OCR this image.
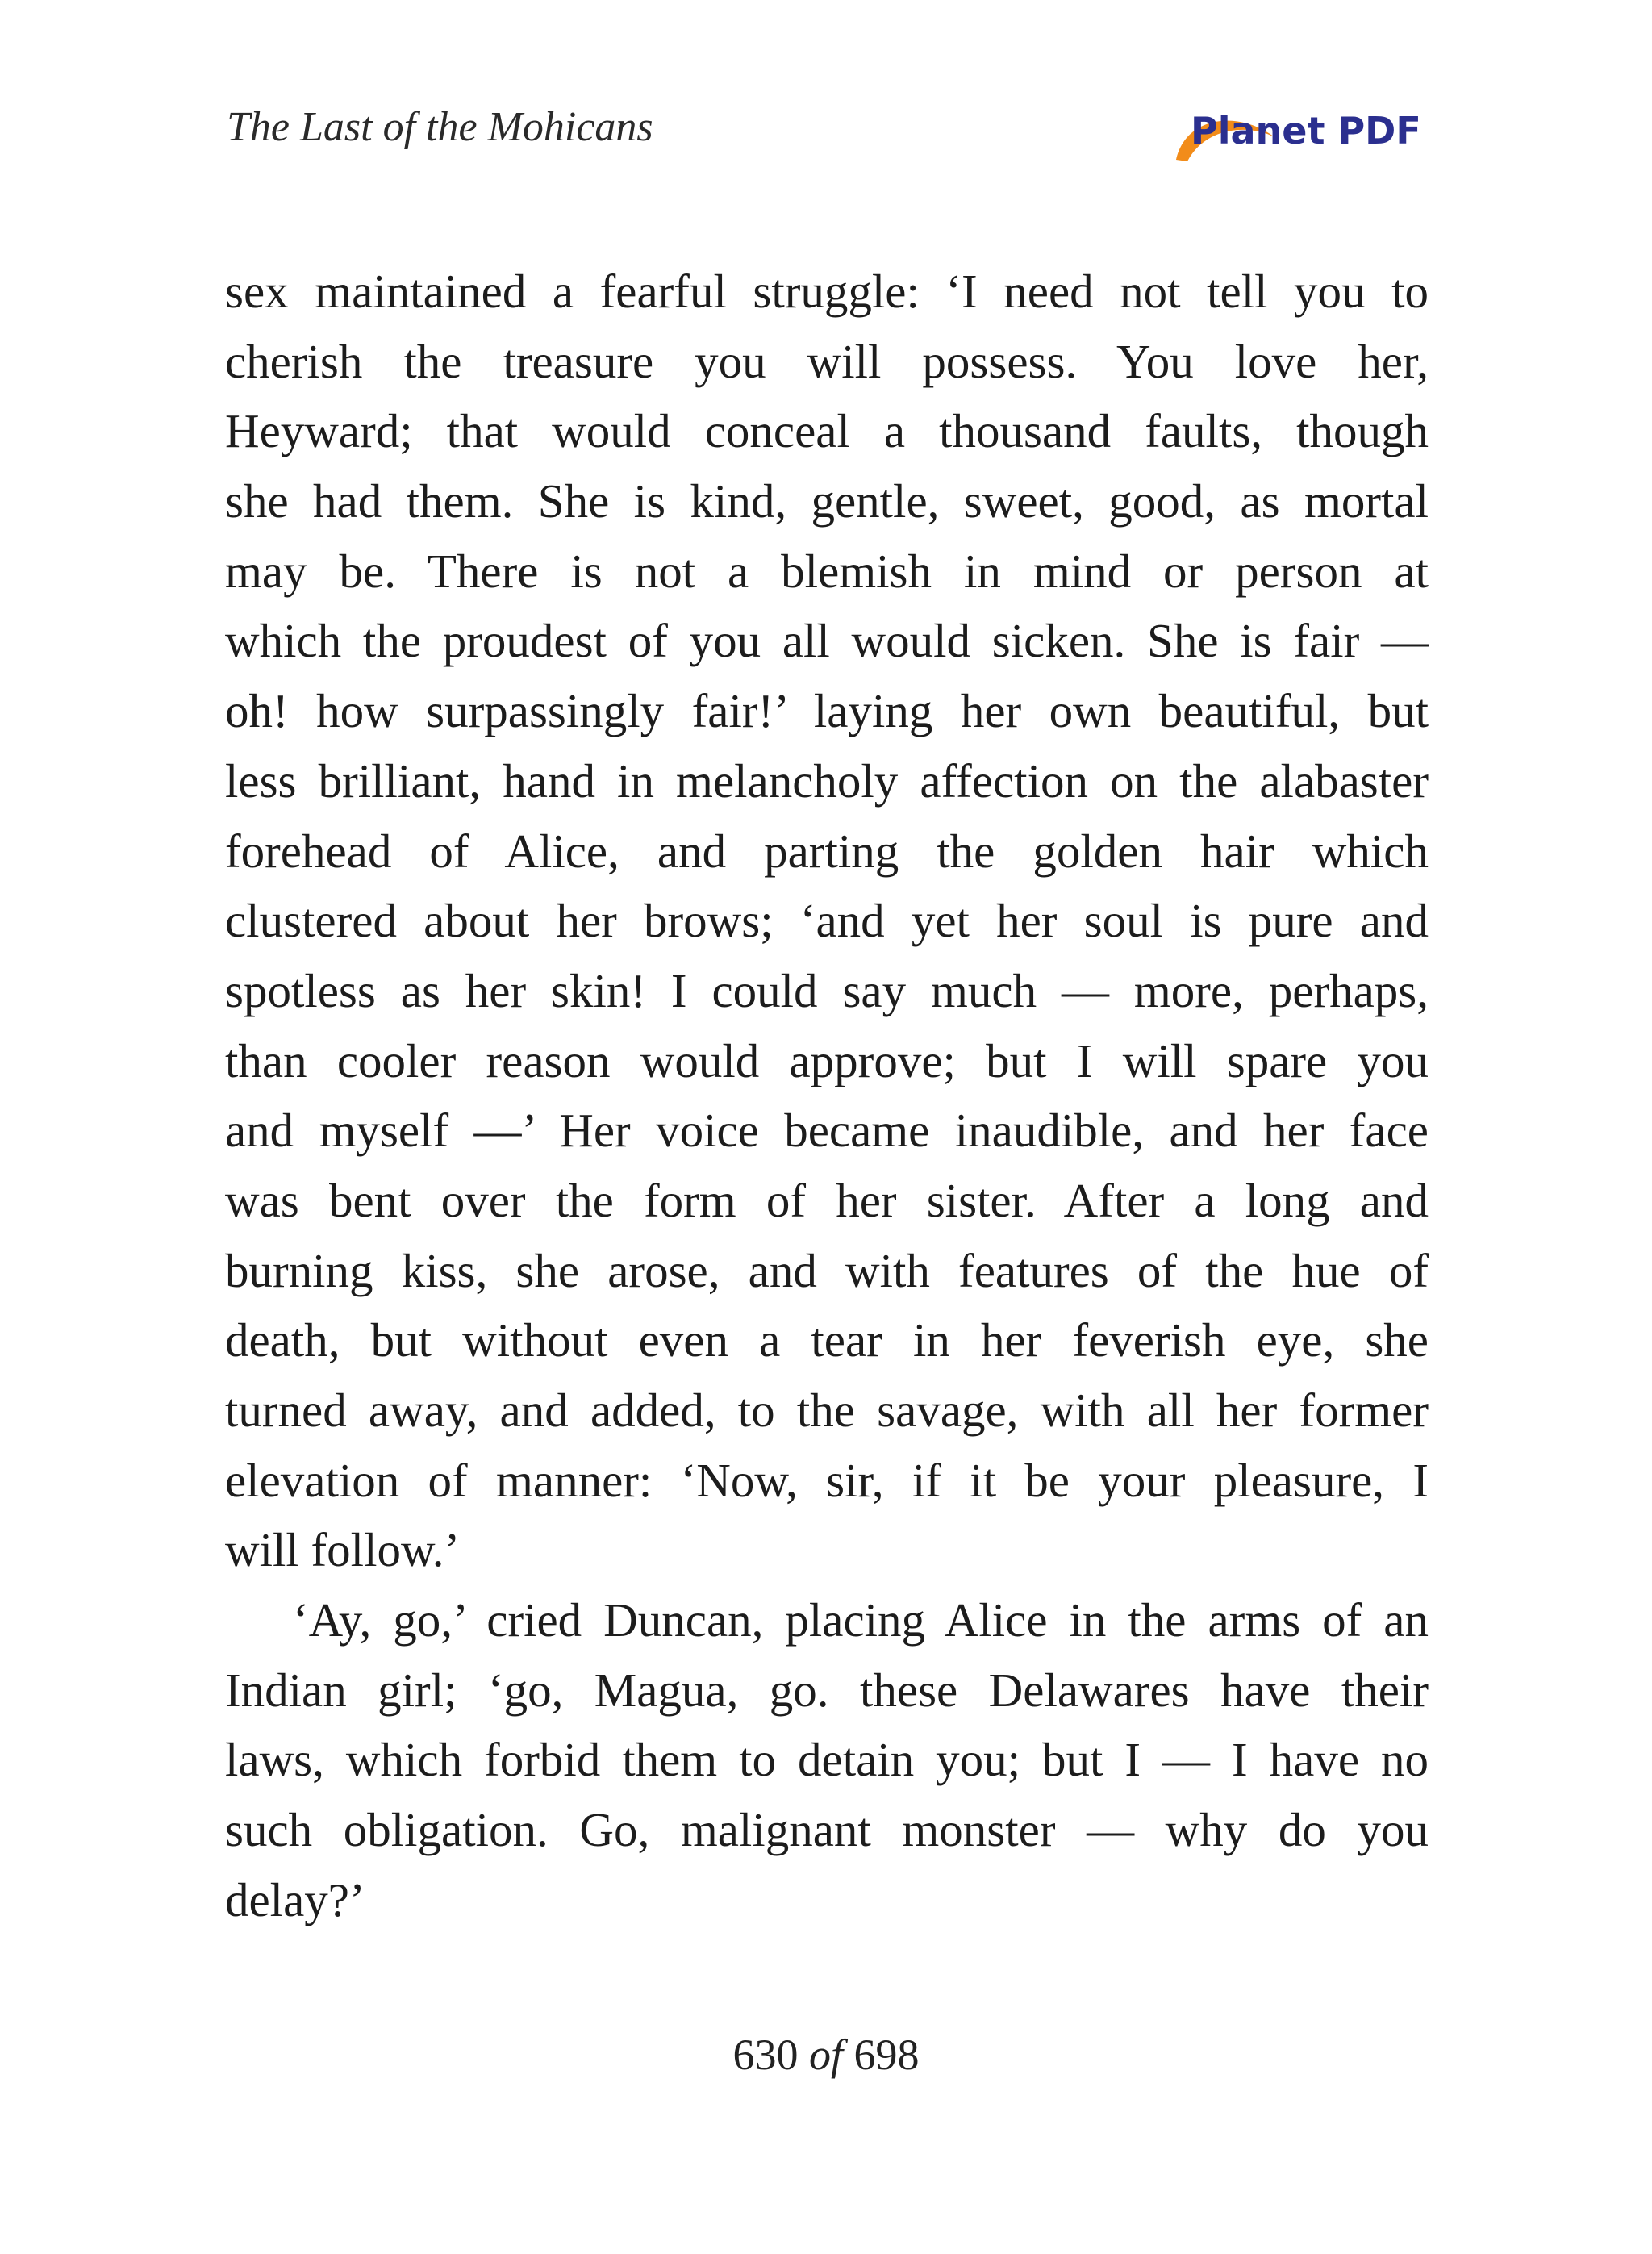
The Last of the Mohicans	Planet PDF
sex maintained a fearful struggle: ‘I need not tell you to
cherish the treasure you will possess. You love her,
Heyward; that would conceal a thousand faults, though
she had them. She is kind, gentle, sweet, good, as mortal
may be. There is not a blemish in mind or person at
which the proudest of you all would sicken. She is fair —
oh! how surpassingly fair!’ laying her own beautiful, but
less brilliant, hand in melancholy affection on the alabaster
forehead of Alice, and parting the golden hair which
clustered about her brows; ‘and yet her soul is pure and
spotless as her skin! I could say much — more, perhaps,
than cooler reason would approve; but I will spare you
and myself —’ Her voice became inaudible, and her face
was bent over the form of her sister. After a long and
burning kiss, she arose, and with features of the hue of
death, but without even a tear in her feverish eye, she
turned away, and added, to the savage, with all her former
elevation of manner: ‘Now, sir, if it be your pleasure, I
will follow.’
‘Ay, go,’ cried Duncan, placing Alice in the arms of an
Indian girl; ‘go, Magua, go. these Delawares have their
laws, which forbid them to detain you; but I — I have no
such obligation. Go, malignant monster — why do you
delay?’
630 of 698
